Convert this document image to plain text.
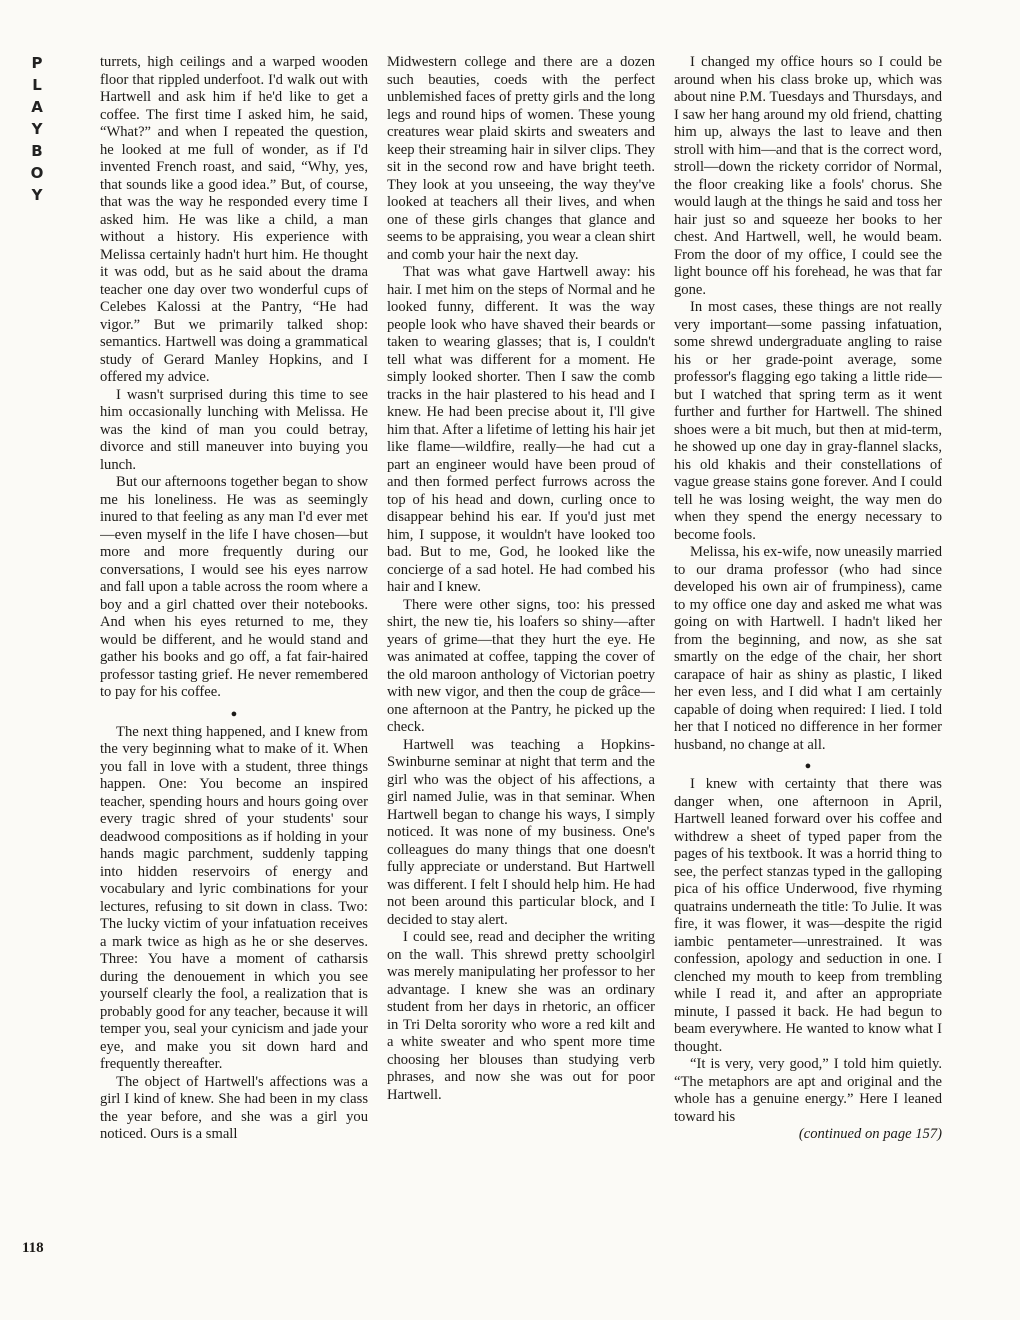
P
L
A
Y
B
O
Y

turrets, high ceilings and a warped wooden floor that rippled underfoot. I'd walk out with Hartwell and ask him if he'd like to get a coffee. The first time I asked him, he said, “What?” and when I repeated the question, he looked at me full of wonder, as if I'd invented French roast, and said, “Why, yes, that sounds like a good idea.” But, of course, that was the way he responded every time I asked him. He was like a child, a man without a history. His experience with Melissa certainly hadn't hurt him. He thought it was odd, but as he said about the drama teacher one day over two wonderful cups of Celebes Kalossi at the Pantry, “He had vigor.” But we primarily talked shop: semantics. Hartwell was doing a grammatical study of Gerard Manley Hopkins, and I offered my advice.

I wasn't surprised during this time to see him occasionally lunching with Melissa. He was the kind of man you could betray, divorce and still maneuver into buying you lunch.

But our afternoons together began to show me his loneliness. He was as seemingly inured to that feeling as any man I'd ever met—even myself in the life I have chosen—but more and more frequently during our conversations, I would see his eyes narrow and fall upon a table across the room where a boy and a girl chatted over their notebooks. And when his eyes returned to me, they would be different, and he would stand and gather his books and go off, a fat fair-haired professor tasting grief. He never remembered to pay for his coffee.

●

The next thing happened, and I knew from the very beginning what to make of it. When you fall in love with a student, three things happen. One: You become an inspired teacher, spending hours and hours going over every tragic shred of your students' sour deadwood compositions as if holding in your hands magic parchment, suddenly tapping into hidden reservoirs of energy and vocabulary and lyric combinations for your lectures, refusing to sit down in class. Two: The lucky victim of your infatuation receives a mark twice as high as he or she deserves. Three: You have a moment of catharsis during the denouement in which you see yourself clearly the fool, a realization that is probably good for any teacher, because it will temper you, seal your cynicism and jade your eye, and make you sit down hard and frequently thereafter.

The object of Hartwell's affections was a girl I kind of knew. She had been in my class the year before, and she was a girl you noticed. Ours is a small

Midwestern college and there are a dozen such beauties, coeds with the perfect unblemished faces of pretty girls and the long legs and round hips of women. These young creatures wear plaid skirts and sweaters and keep their streaming hair in silver clips. They sit in the second row and have bright teeth. They look at you unseeing, the way they've looked at teachers all their lives, and when one of these girls changes that glance and seems to be appraising, you wear a clean shirt and comb your hair the next day.

That was what gave Hartwell away: his hair. I met him on the steps of Normal and he looked funny, different. It was the way people look who have shaved their beards or taken to wearing glasses; that is, I couldn't tell what was different for a moment. He simply looked shorter. Then I saw the comb tracks in the hair plastered to his head and I knew. He had been precise about it, I'll give him that. After a lifetime of letting his hair jet like flame—wildfire, really—he had cut a part an engineer would have been proud of and then formed perfect furrows across the top of his head and down, curling once to disappear behind his ear. If you'd just met him, I suppose, it wouldn't have looked too bad. But to me, God, he looked like the concierge of a sad hotel. He had combed his hair and I knew.

There were other signs, too: his pressed shirt, the new tie, his loafers so shiny—after years of grime—that they hurt the eye. He was animated at coffee, tapping the cover of the old maroon anthology of Victorian poetry with new vigor, and then the coup de grâce—one afternoon at the Pantry, he picked up the check.

Hartwell was teaching a Hopkins-Swinburne seminar at night that term and the girl who was the object of his affections, a girl named Julie, was in that seminar. When Hartwell began to change his ways, I simply noticed. It was none of my business. One's colleagues do many things that one doesn't fully appreciate or understand. But Hartwell was different. I felt I should help him. He had not been around this particular block, and I decided to stay alert.

I could see, read and decipher the writing on the wall. This shrewd pretty schoolgirl was merely manipulating her professor to her advantage. I knew she was an ordinary student from her days in rhetoric, an officer in Tri Delta sorority who wore a red kilt and a white sweater and who spent more time choosing her blouses than studying verb phrases, and now she was out for poor Hartwell.

I changed my office hours so I could be around when his class broke up, which was about nine P.M. Tuesdays and Thursdays, and I saw her hang around my old friend, chatting him up, always the last to leave and then stroll with him—and that is the correct word, stroll—down the rickety corridor of Normal, the floor creaking like a fools' chorus. She would laugh at the things he said and toss her hair just so and squeeze her books to her chest. And Hartwell, well, he would beam. From the door of my office, I could see the light bounce off his forehead, he was that far gone.

In most cases, these things are not really very important—some passing infatuation, some shrewd undergraduate angling to raise his or her grade-point average, some professor's flagging ego taking a little ride—but I watched that spring term as it went further and further for Hartwell. The shined shoes were a bit much, but then at mid-term, he showed up one day in gray-flannel slacks, his old khakis and their constellations of vague grease stains gone forever. And I could tell he was losing weight, the way men do when they spend the energy necessary to become fools.

Melissa, his ex-wife, now uneasily married to our drama professor (who had since developed his own air of frumpiness), came to my office one day and asked me what was going on with Hartwell. I hadn't liked her from the beginning, and now, as she sat smartly on the edge of the chair, her short carapace of hair as shiny as plastic, I liked her even less, and I did what I am certainly capable of doing when required: I lied. I told her that I noticed no difference in her former husband, no change at all.

●

I knew with certainty that there was danger when, one afternoon in April, Hartwell leaned forward over his coffee and withdrew a sheet of typed paper from the pages of his textbook. It was a horrid thing to see, the perfect stanzas typed in the galloping pica of his office Underwood, five rhyming quatrains underneath the title: To Julie. It was fire, it was flower, it was—despite the rigid iambic pentameter—unrestrained. It was confession, apology and seduction in one. I clenched my mouth to keep from trembling while I read it, and after an appropriate minute, I passed it back. He had begun to beam everywhere. He wanted to know what I thought.

“It is very, very good,” I told him quietly. “The metaphors are apt and original and the whole has a genuine energy.” Here I leaned toward his

(continued on page 157)

118
